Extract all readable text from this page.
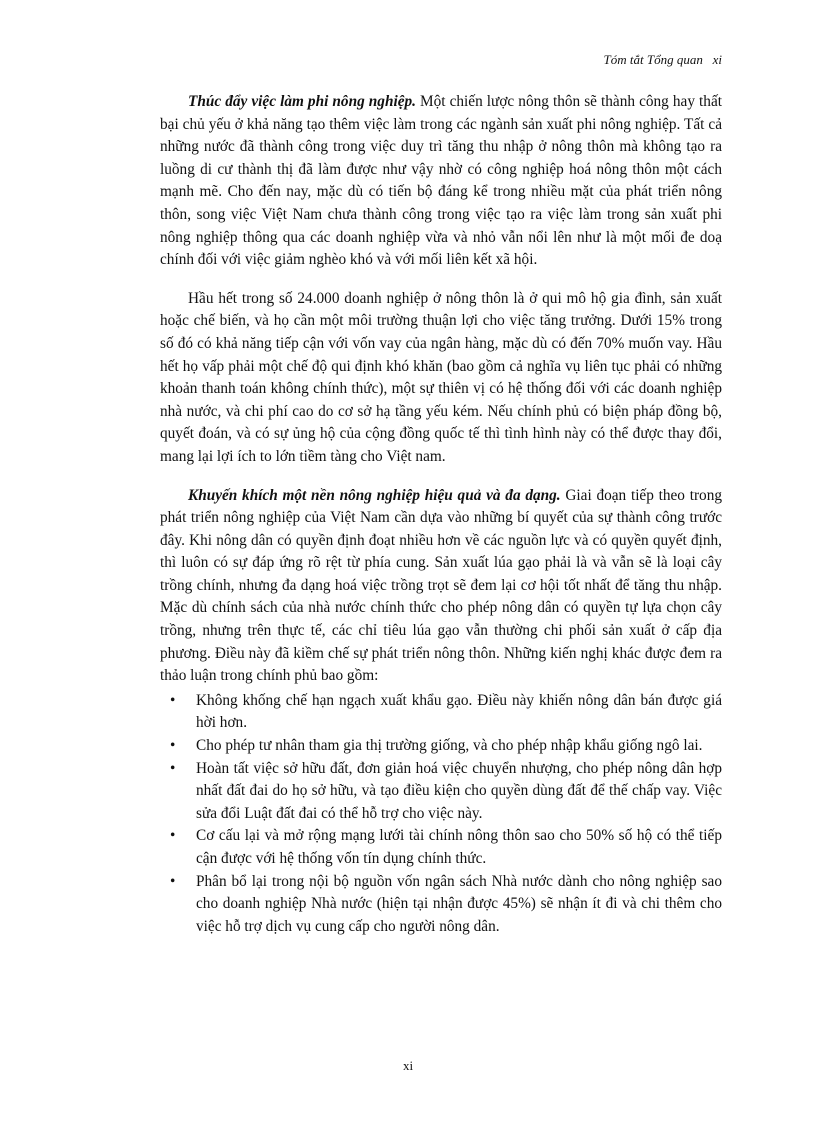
Tóm tắt Tổng quan   xi

Thúc đẩy việc làm phi nông nghiệp. Một chiến lược nông thôn sẽ thành công hay thất bại chủ yếu ở khả năng tạo thêm việc làm trong các ngành sản xuất phi nông nghiệp. Tất cả những nước đã thành công trong việc duy trì tăng thu nhập ở nông thôn mà không tạo ra luồng di cư thành thị đã làm được như vậy nhờ có công nghiệp hoá nông thôn một cách mạnh mẽ. Cho đến nay, mặc dù có tiến bộ đáng kể trong nhiều mặt của phát triển nông thôn, song việc Việt Nam chưa thành công trong việc tạo ra việc làm trong sản xuất phi nông nghiệp thông qua các doanh nghiệp vừa và nhỏ vẫn nổi lên như là một mối đe doạ chính đối với việc giảm nghèo khó và với mối liên kết xã hội.

Hầu hết trong số 24.000 doanh nghiệp ở nông thôn là ở qui mô hộ gia đình, sản xuất hoặc chế biến, và họ cần một môi trường thuận lợi cho việc tăng trưởng. Dưới 15% trong số đó có khả năng tiếp cận với vốn vay của ngân hàng, mặc dù có đến 70% muốn vay. Hầu hết họ vấp phải một chế độ qui định khó khăn (bao gồm cả nghĩa vụ liên tục phải có những khoản thanh toán không chính thức), một sự thiên vị có hệ thống đối với các doanh nghiệp nhà nước, và chi phí cao do cơ sở hạ tầng yếu kém. Nếu chính phủ có biện pháp đồng bộ, quyết đoán, và có sự ủng hộ của cộng đồng quốc tế thì tình hình này có thể được thay đổi, mang lại lợi ích to lớn tiềm tàng cho Việt nam.

Khuyến khích một nền nông nghiệp hiệu quả và đa dạng. Giai đoạn tiếp theo trong phát triển nông nghiệp của Việt Nam cần dựa vào những bí quyết của sự thành công trước đây. Khi nông dân có quyền định đoạt nhiều hơn về các nguồn lực và có quyền quyết định, thì luôn có sự đáp ứng rõ rệt từ phía cung. Sản xuất lúa gạo phải là và vẫn sẽ là loại cây trồng chính, nhưng đa dạng hoá việc trồng trọt sẽ đem lại cơ hội tốt nhất để tăng thu nhập. Mặc dù chính sách của nhà nước chính thức cho phép nông dân có quyền tự lựa chọn cây trồng, nhưng trên thực tế, các chỉ tiêu lúa gạo vẫn thường chi phối sản xuất ở cấp địa phương. Điều này đã kiềm chế sự phát triển nông thôn. Những kiến nghị khác được đem ra thảo luận trong chính phủ bao gồm:

• Không khống chế hạn ngạch xuất khẩu gạo. Điều này khiến nông dân bán được giá hời hơn.
• Cho phép tư nhân tham gia thị trường giống, và cho phép nhập khẩu giống ngô lai.
• Hoàn tất việc sở hữu đất, đơn giản hoá việc chuyển nhượng, cho phép nông dân hợp nhất đất đai do họ sở hữu, và tạo điều kiện cho quyền dùng đất để thế chấp vay. Việc sửa đổi Luật đất đai có thể hỗ trợ cho việc này.
• Cơ cấu lại và mở rộng mạng lưới tài chính nông thôn sao cho 50% số hộ có thể tiếp cận được với hệ thống vốn tín dụng chính thức.
• Phân bổ lại trong nội bộ nguồn vốn ngân sách Nhà nước dành cho nông nghiệp sao cho doanh nghiệp Nhà nước (hiện tại nhận được 45%) sẽ nhận ít đi và chi thêm cho việc hỗ trợ dịch vụ cung cấp cho người nông dân.
xi
